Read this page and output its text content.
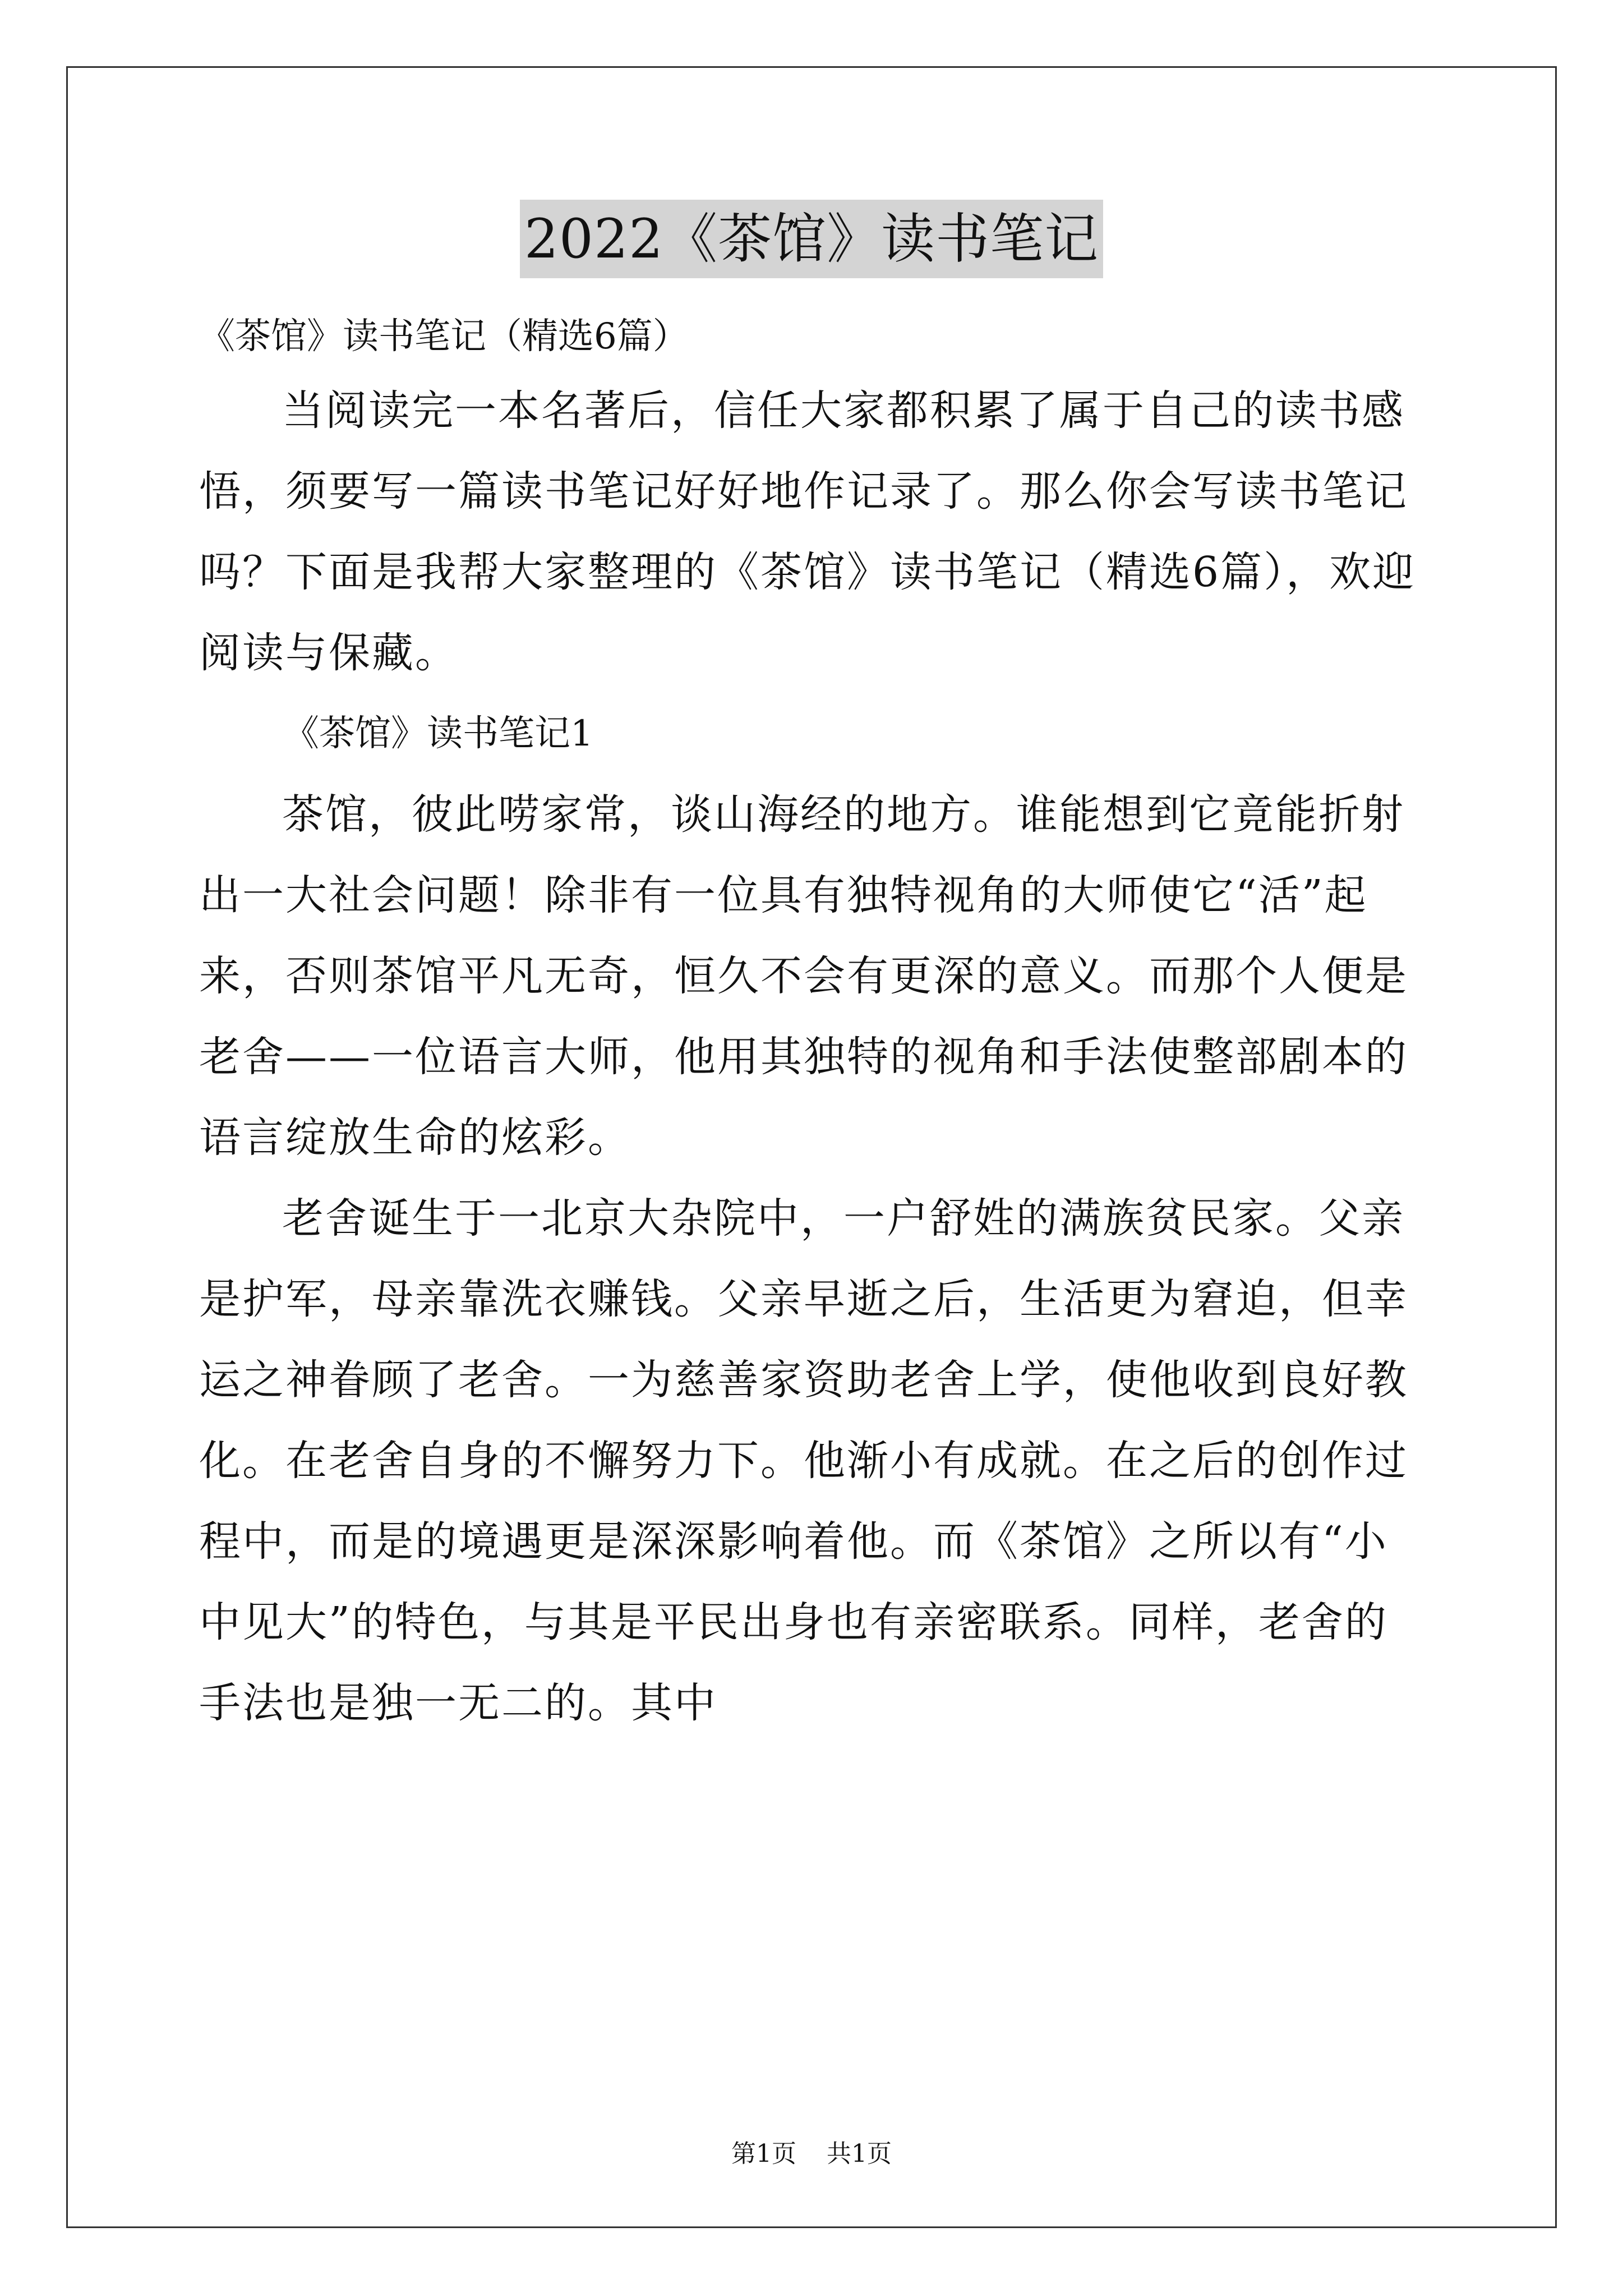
2022《茶馆》读书笔记

《茶馆》读书笔记（精选6篇）

当阅读完一本名著后，信任大家都积累了属于自己的读书感悟，须要写一篇读书笔记好好地作记录了。那么你会写读书笔记吗？下面是我帮大家整理的《茶馆》读书笔记（精选6篇），欢迎阅读与保藏。

《茶馆》读书笔记1

茶馆，彼此唠家常，谈山海经的地方。谁能想到它竟能折射出一大社会问题！除非有一位具有独特视角的大师使它“活”起来，否则茶馆平凡无奇，恒久不会有更深的意义。而那个人便是老舍——一位语言大师，他用其独特的视角和手法使整部剧本的语言绽放生命的炫彩。

老舍诞生于一北京大杂院中，一户舒姓的满族贫民家。父亲是护军，母亲靠洗衣赚钱。父亲早逝之后，生活更为窘迫，但幸运之神眷顾了老舍。一为慈善家资助老舍上学，使他收到良好教化。在老舍自身的不懈努力下。他渐小有成就。在之后的创作过程中，而是的境遇更是深深影响着他。而《茶馆》之所以有“小中见大”的特色，与其是平民出身也有亲密联系。同样，老舍的手法也是独一无二的。其中

第1页 共1页
